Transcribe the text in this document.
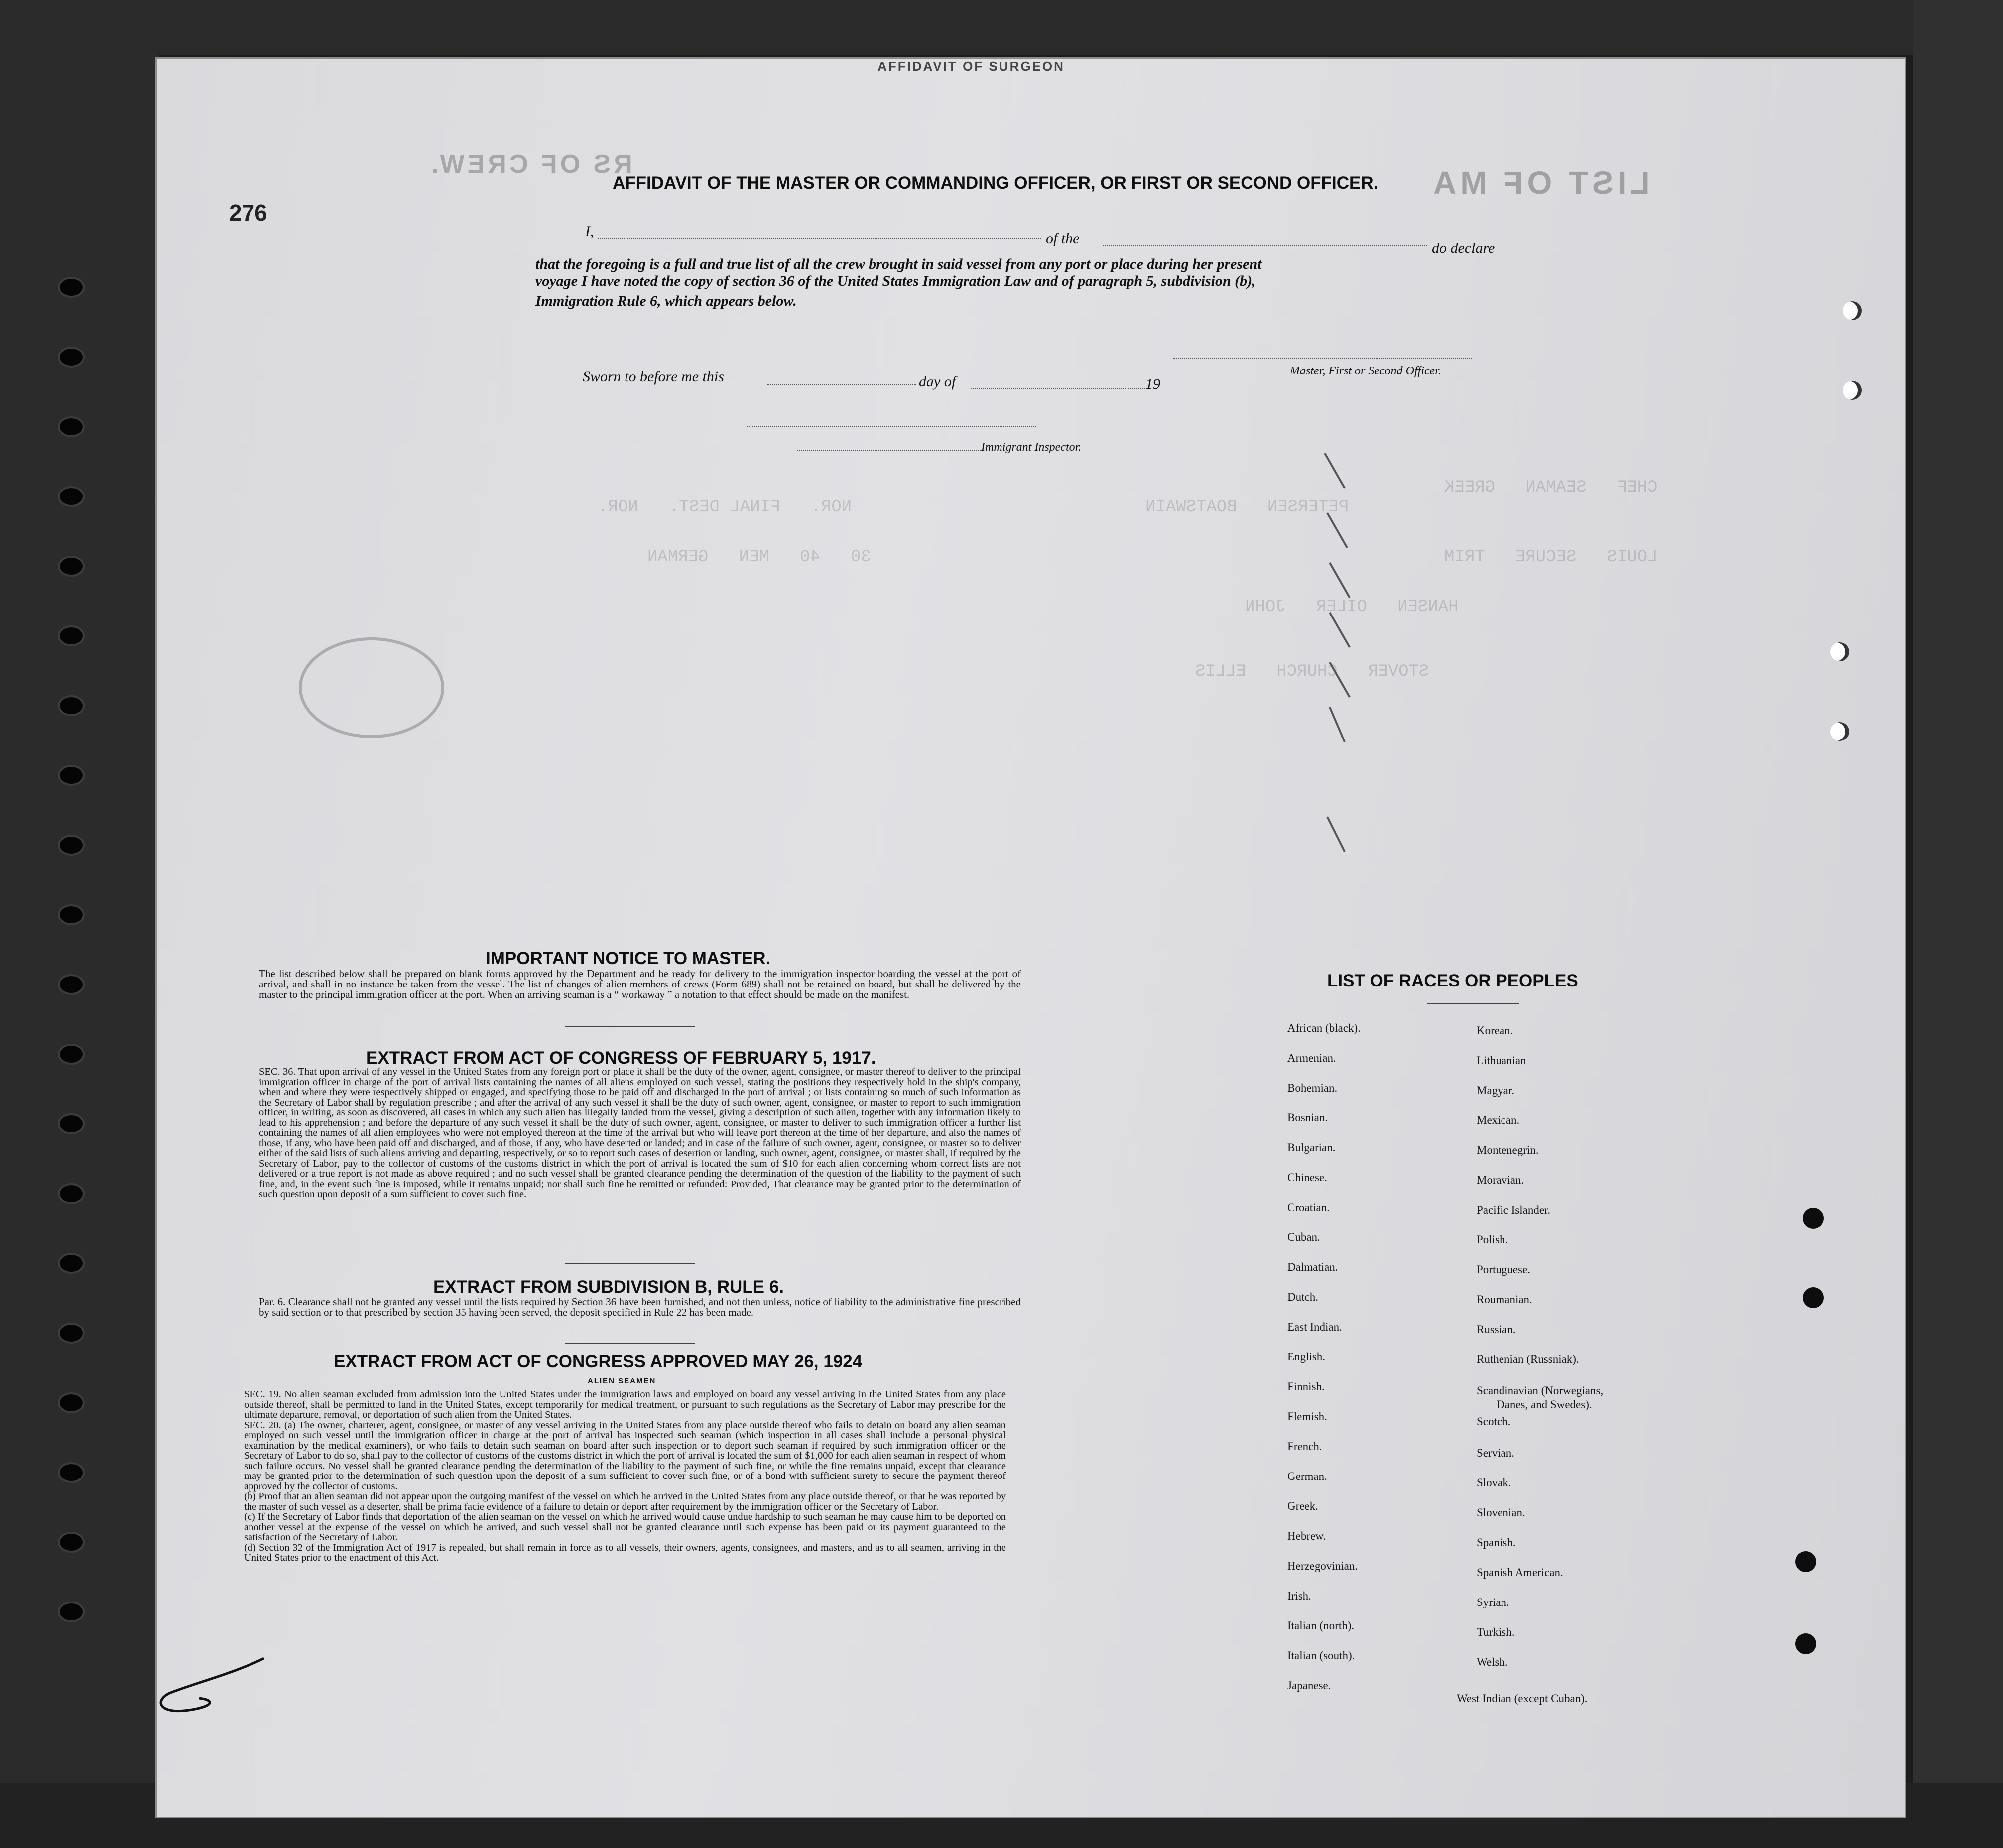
AFFIDAVIT OF SURGEON
LIST OF MA
RS OF CREW.
CHEF   SEAMAN   GREEK
PETERSEN   BOATSWAIN
NOR.   FINAL DEST.   NOR.
LOUIS   SECURE   TRIM
HANSEN   OILER   JOHN
30   40   MEN   GERMAN
STOVER   CHURCH   ELLIS
276
AFFIDAVIT OF THE MASTER OR COMMANDING OFFICER, OR FIRST OR SECOND OFFICER.
I,	of the
do declare
that the foregoing is a full and true list of all the crew brought in said vessel from any port or place during her present
voyage I have noted the copy of section 36 of the United States Immigration Law and of paragraph 5, subdivision (b),
Immigration Rule 6, which appears below.
Master, First or Second Officer.
Sworn to before me this	day of	19
Immigrant Inspector.
IMPORTANT NOTICE TO MASTER.
The list described below shall be prepared on blank forms approved by the Department and be ready for delivery to the immigration inspector boarding the vessel at the port of arrival, and shall in no instance be taken from the vessel. The list of changes of alien members of crews (Form 689) shall not be retained on board, but shall be delivered by the master to the principal immigration officer at the port. When an arriving seaman is a “ workaway ” a notation to that effect should be made on the manifest.
EXTRACT FROM ACT OF CONGRESS OF FEBRUARY 5, 1917.
SEC. 36. That upon arrival of any vessel in the United States from any foreign port or place it shall be the duty of the owner, agent, consignee, or master thereof to deliver to the principal immigration officer in charge of the port of arrival lists containing the names of all aliens employed on such vessel, stating the positions they respectively hold in the ship's company, when and where they were respectively shipped or engaged, and specifying those to be paid off and discharged in the port of arrival ; or lists containing so much of such information as the Secretary of Labor shall by regulation prescribe ; and after the arrival of any such vessel it shall be the duty of such owner, agent, consignee, or master to report to such immigration officer, in writing, as soon as discovered, all cases in which any such alien has illegally landed from the vessel, giving a description of such alien, together with any information likely to lead to his apprehension ; and before the departure of any such vessel it shall be the duty of such owner, agent, consignee, or master to deliver to such immigration officer a further list containing the names of all alien employees who were not employed thereon at the time of the arrival but who will leave port thereon at the time of her departure, and also the names of those, if any, who have been paid off and discharged, and of those, if any, who have deserted or landed; and in case of the failure of such owner, agent, consignee, or master so to deliver either of the said lists of such aliens arriving and departing, respectively, or so to report such cases of desertion or landing, such owner, agent, consignee, or master shall, if required by the Secretary of Labor, pay to the collector of customs of the customs district in which the port of arrival is located the sum of $10 for each alien concerning whom correct lists are not delivered or a true report is not made as above required ; and no such vessel shall be granted clearance pending the determination of the question of the liability to the payment of such fine, and, in the event such fine is imposed, while it remains unpaid; nor shall such fine be remitted or refunded: Provided, That clearance may be granted prior to the determination of such question upon deposit of a sum sufficient to cover such fine.
EXTRACT FROM SUBDIVISION B, RULE 6.
Par. 6. Clearance shall not be granted any vessel until the lists required by Section 36 have been furnished, and not then unless, notice of liability to the administrative fine prescribed by said section or to that prescribed by section 35 having been served, the deposit specified in Rule 22 has been made.
EXTRACT FROM ACT OF CONGRESS APPROVED MAY 26, 1924
ALIEN SEAMEN

SEC. 19. No alien seaman excluded from admission into the United States under the immigration laws and employed on board any vessel arriving in the United States from any place outside thereof, shall be permitted to land in the United States, except temporarily for medical treatment, or pursuant to such regulations as the Secretary of Labor may prescribe for the ultimate departure, removal, or deportation of such alien from the United States.

SEC. 20. (a) The owner, charterer, agent, consignee, or master of any vessel arriving in the United States from any place outside thereof who fails to detain on board any alien seaman employed on such vessel until the immigration officer in charge at the port of arrival has inspected such seaman (which inspection in all cases shall include a personal physical examination by the medical examiners), or who fails to detain such seaman on board after such inspection or to deport such seaman if required by such immigration officer or the Secretary of Labor to do so, shall pay to the collector of customs of the customs district in which the port of arrival is located the sum of $1,000 for each alien seaman in respect of whom such failure occurs. No vessel shall be granted clearance pending the determination of the liability to the payment of such fine, or while the fine remains unpaid, except that clearance may be granted prior to the determination of such question upon the deposit of a sum sufficient to cover such fine, or of a bond with sufficient surety to secure the payment thereof approved by the collector of customs.

(b) Proof that an alien seaman did not appear upon the outgoing manifest of the vessel on which he arrived in the United States from any place outside thereof, or that he was reported by the master of such vessel as a deserter, shall be prima facie evidence of a failure to detain or deport after requirement by the immigration officer or the Secretary of Labor.

(c) If the Secretary of Labor finds that deportation of the alien seaman on the vessel on which he arrived would cause undue hardship to such seaman he may cause him to be deported on another vessel at the expense of the vessel on which he arrived, and such vessel shall not be granted clearance until such expense has been paid or its payment guaranteed to the satisfaction of the Secretary of Labor.

(d) Section 32 of the Immigration Act of 1917 is repealed, but shall remain in force as to all vessels, their owners, agents, consignees, and masters, and as to all seamen, arriving in the United States prior to the enactment of this Act.

LIST OF RACES OR PEOPLES
African (black).
Armenian.
Bohemian.
Bosnian.
Bulgarian.
Chinese.
Croatian.
Cuban.
Dalmatian.
Dutch.
East Indian.
English.
Finnish.
Flemish.
French.
German.
Greek.
Hebrew.
Herzegovinian.
Irish.
Italian (north).
Italian (south).
Japanese.
Korean.
Lithuanian
Magyar.
Mexican.
Montenegrin.
Moravian.
Pacific Islander.
Polish.
Portuguese.
Roumanian.
Russian.
Ruthenian (Russniak).
Scandinavian (Norwegians,
Danes, and Swedes).
Scotch.
Servian.
Slovak.
Slovenian.
Spanish.
Spanish American.
Syrian.
Turkish.
Welsh.
West Indian (except Cuban).
